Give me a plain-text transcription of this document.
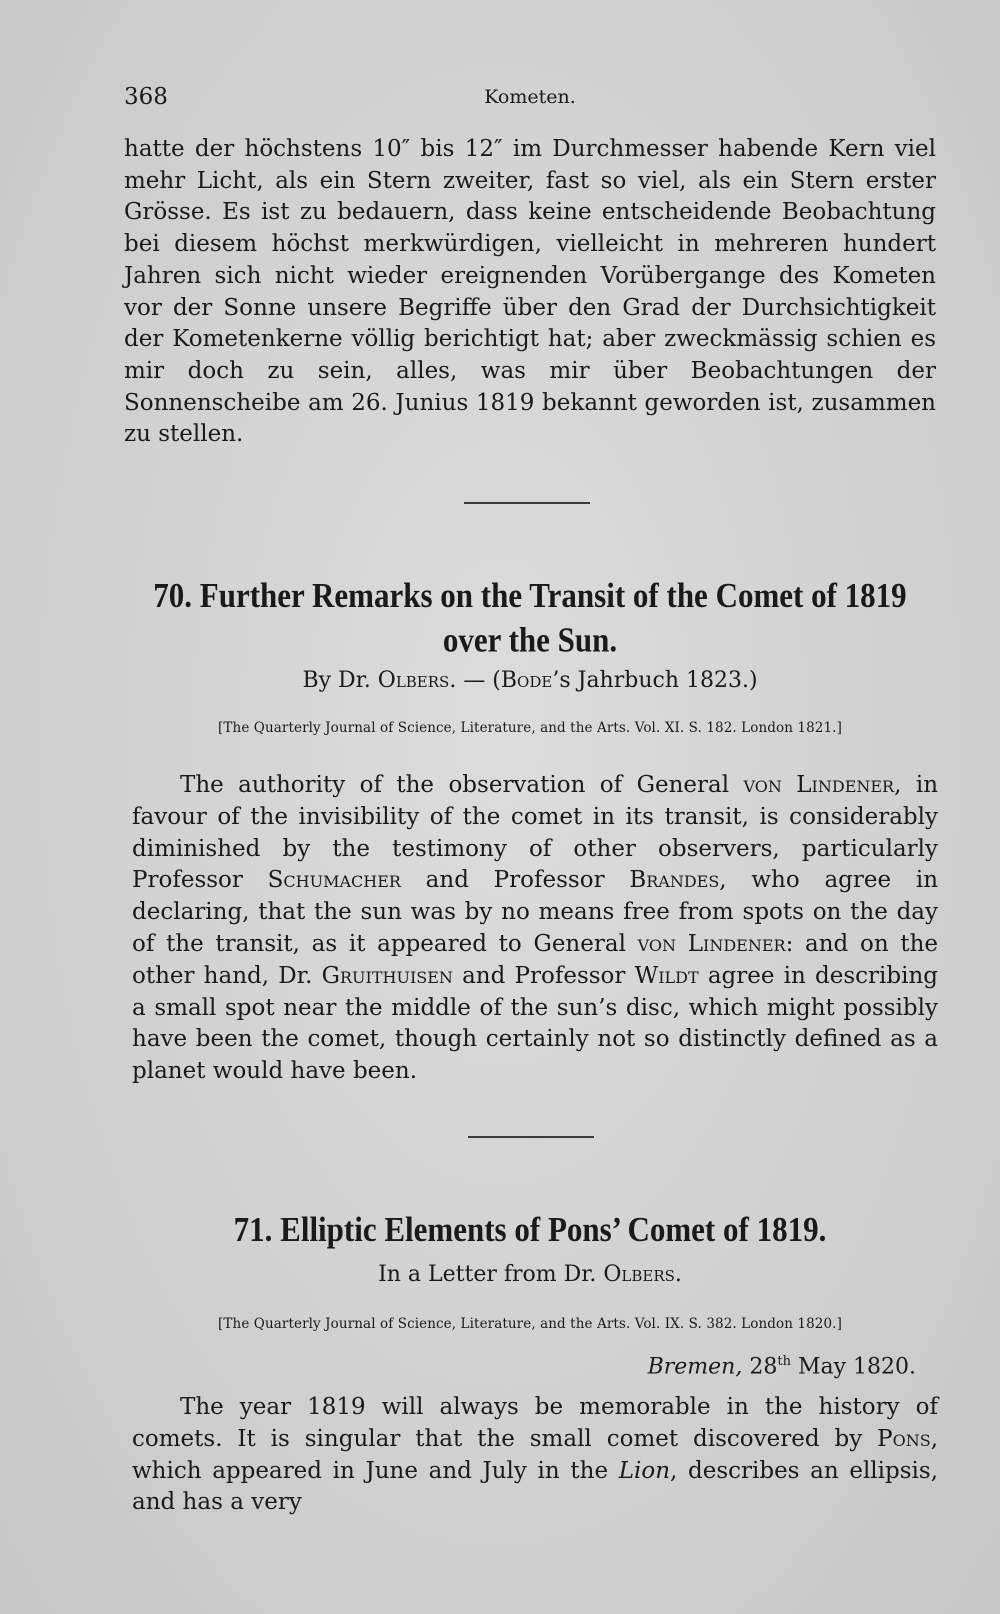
368	Kometen.

hatte der höchstens 10″ bis 12″ im Durchmesser habende Kern viel mehr Licht, als ein Stern zweiter, fast so viel, als ein Stern erster Grösse. Es ist zu bedauern, dass keine entscheidende Beobachtung bei diesem höchst merkwürdigen, vielleicht in mehreren hundert Jahren sich nicht wieder ereignenden Vorübergange des Kometen vor der Sonne unsere Begriffe über den Grad der Durchsichtigkeit der Kometenkerne völlig berichtigt hat; aber zweckmässig schien es mir doch zu sein, alles, was mir über Beobachtungen der Sonnenscheibe am 26. Junius 1819 bekannt geworden ist, zusammen zu stellen.

70. Further Remarks on the Transit of the Comet of 1819
over the Sun.
By Dr. Olbers. — (Bode’s Jahrbuch 1823.)
[The Quarterly Journal of Science, Literature, and the Arts. Vol. XI. S. 182. London 1821.]

The authority of the observation of General von Lindener, in favour of the invisibility of the comet in its transit, is considerably diminished by the testimony of other observers, particularly Professor Schumacher and Professor Brandes, who agree in declaring, that the sun was by no means free from spots on the day of the transit, as it appeared to General von Lindener: and on the other hand, Dr. Gruithuisen and Professor Wildt agree in describing a small spot near the middle of the sun’s disc, which might possibly have been the comet, though certainly not so distinctly defined as a planet would have been.

71. Elliptic Elements of Pons’ Comet of 1819.
In a Letter from Dr. Olbers.
[The Quarterly Journal of Science, Literature, and the Arts. Vol. IX. S. 382. London 1820.]
Bremen, 28th May 1820.

The year 1819 will always be memorable in the history of comets. It is singular that the small comet discovered by Pons, which appeared in June and July in the Lion, describes an ellipsis, and has a very
